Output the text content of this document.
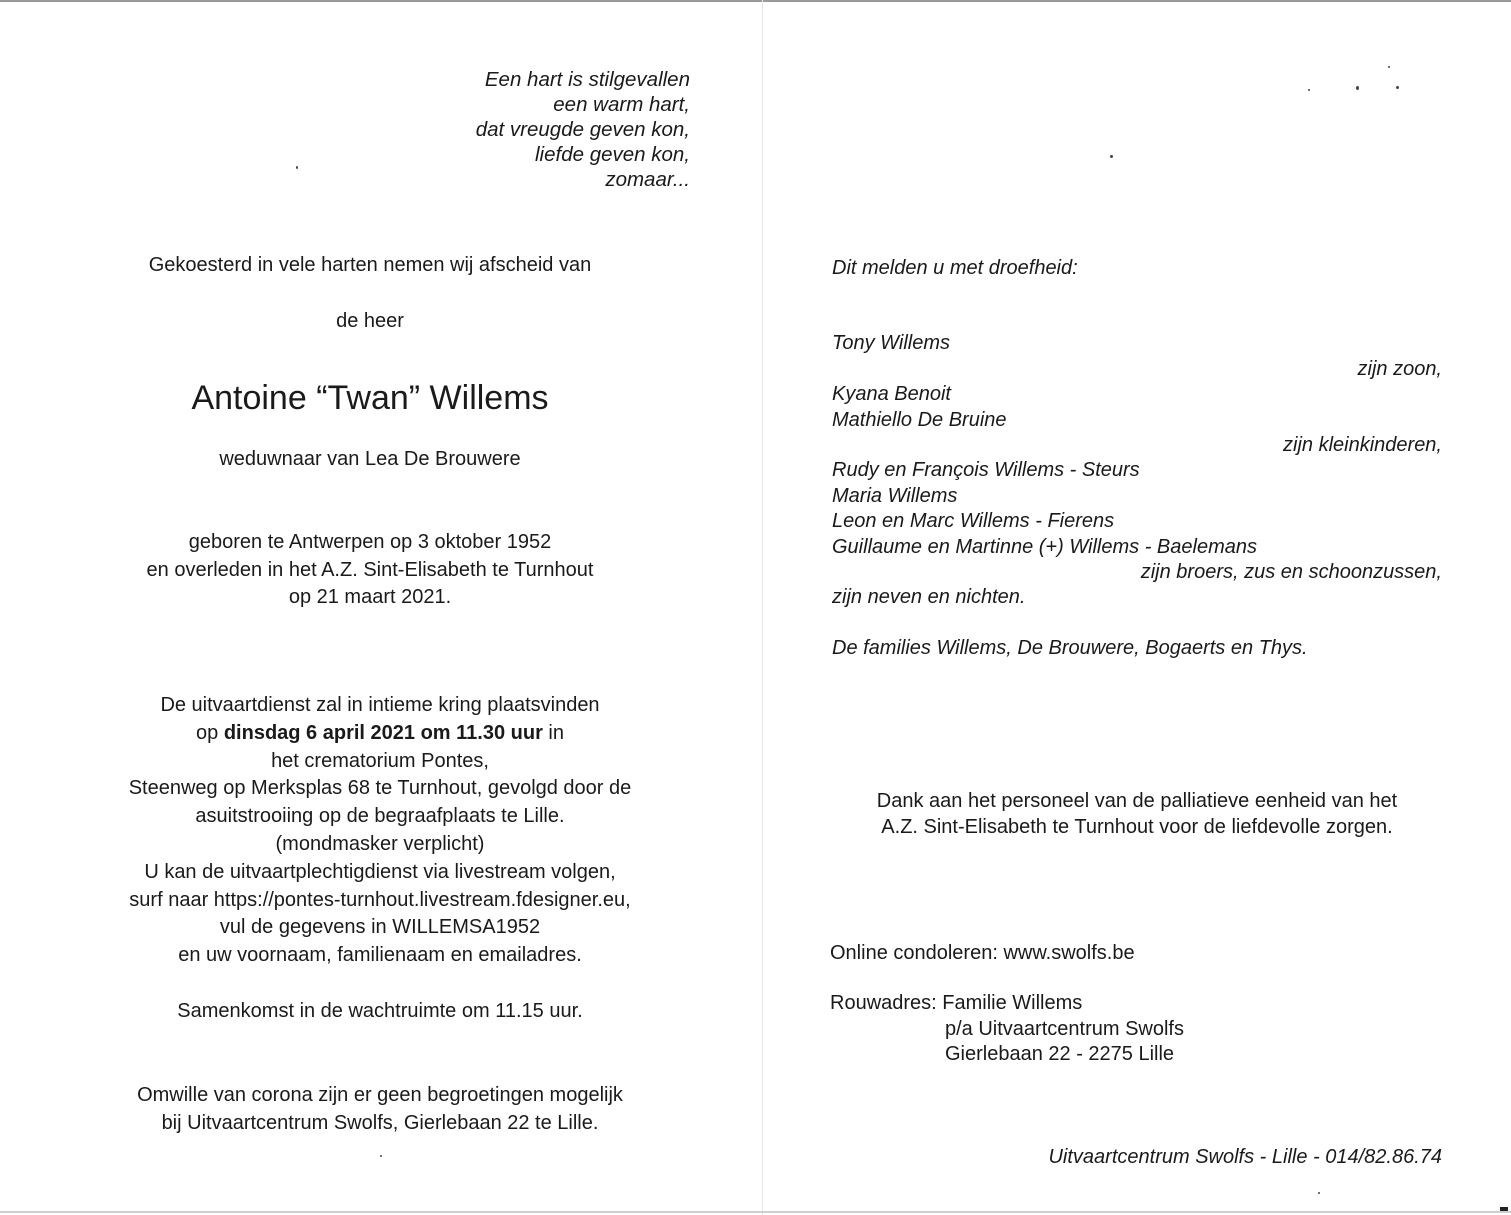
Een hart is stilgevallen
een warm hart,
dat vreugde geven kon,
liefde geven kon,
zomaar...
Gekoesterd in vele harten nemen wij afscheid van
de heer
Antoine “Twan” Willems
weduwnaar van Lea De Brouwere
geboren te Antwerpen op 3 oktober 1952
en overleden in het A.Z. Sint-Elisabeth te Turnhout
op 21 maart 2021.
De uitvaartdienst zal in intieme kring plaatsvinden
op dinsdag 6 april 2021 om 11.30 uur in
het crematorium Pontes,
Steenweg op Merksplas 68 te Turnhout, gevolgd door de
asuitstrooiing op de begraafplaats te Lille.
(mondmasker verplicht)
U kan de uitvaartplechtigdienst via livestream volgen,
surf naar https://pontes-turnhout.livestream.fdesigner.eu,
vul de gegevens in WILLEMSA1952
en uw voornaam, familienaam en emailadres.
Samenkomst in de wachtruimte om 11.15 uur.
Omwille van corona zijn er geen begroetingen mogelijk
bij Uitvaartcentrum Swolfs, Gierlebaan 22 te Lille.
Dit melden u met droefheid:
Tony Willems
zijn zoon,
Kyana Benoit
Mathiello De Bruine
zijn kleinkinderen,
Rudy en François Willems - Steurs
Maria Willems
Leon en Marc Willems - Fierens
Guillaume en Martinne (+) Willems - Baelemans
zijn broers, zus en schoonzussen,
zijn neven en nichten.
De families Willems, De Brouwere, Bogaerts en Thys.
Dank aan het personeel van de palliatieve eenheid van het
A.Z. Sint-Elisabeth te Turnhout voor de liefdevolle zorgen.
Online condoleren: www.swolfs.be
Rouwadres: Familie Willems
p/a Uitvaartcentrum Swolfs
Gierlebaan 22 - 2275 Lille
Uitvaartcentrum Swolfs - Lille - 014/82.86.74
